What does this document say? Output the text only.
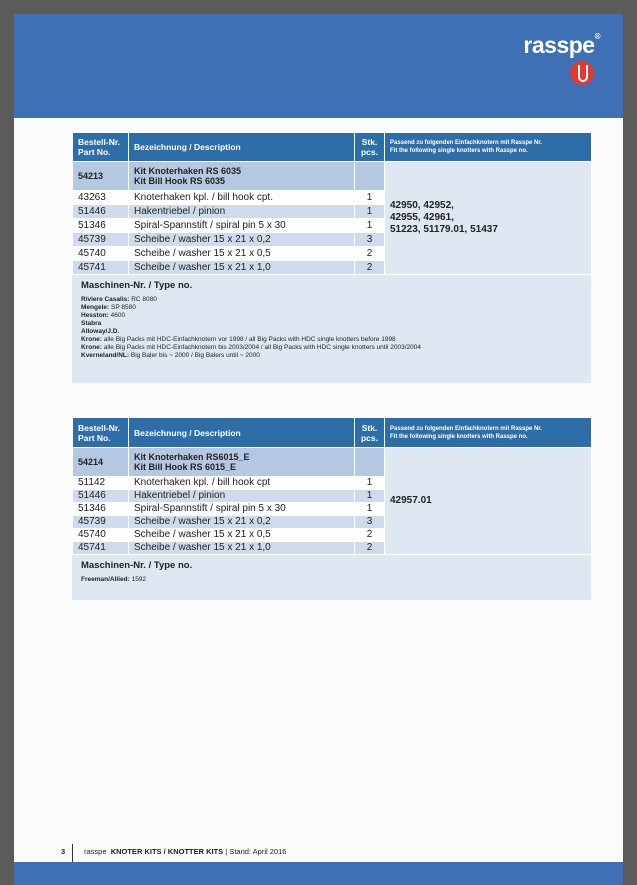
rasspe®
Bestell-Nr.
Part No.	Bezeichnung / Description	Stk.
pcs.	Passend zu folgenden Einfachknotern mit Rasspe Nr.
Fit the following single knotters with Rasspe no.
54213	Kit Knoterhaken RS 6035
Kit Bill Hook RS 6035		42950, 42952,
42955, 42961,
51223, 51179.01, 51437
43263	Knoterhaken kpl. / bill hook cpt.	1	
51446	Hakentriebel / pinion	1	
51346	Spiral-Spannstift / spiral pin 5 x 30	1	
45739	Scheibe / washer 15 x 21 x 0,2	3	
45740	Scheibe / washer 15 x 21 x 0,5	2	
45741	Scheibe / washer 15 x 21 x 1,0	2	
Maschinen-Nr. / Type no.
Riviere Casalis: RC 8080
Mengele: SP 8580
Hesston: 4600
Stabra
Alloway/J.D.
Krone: alle Big Packs mit HDC-Einfachknotern vor 1998 / all Big Packs with HDC single knotters before 1998
Krone: alle Big Packs mit HDC-Einfachknotern bis 2003/2004 / all Big Packs with HDC single knotters until 2003/2004
Kverneland/NL: Big Baler bis ~ 2000 / Big Balers until ~ 2000
Bestell-Nr.
Part No.	Bezeichnung / Description	Stk.
pcs.	Passend zu folgenden Einfachknotern mit Rasspe Nr.
Fit the following single knotters with Rasspe no.
54214	Kit Knoterhaken RS6015_E
Kit Bill Hook RS 6015_E		42957.01
51142	Knoterhaken kpl. / bill hook cpt	1	
51446	Hakentriebel / pinion	1	
51346	Spiral-Spannstift / spiral pin 5 x 30	1	
45739	Scheibe / washer 15 x 21 x 0,2	3	
45740	Scheibe / washer 15 x 21 x 0,5	2	
45741	Scheibe / washer 15 x 21 x 1,0	2	
Maschinen-Nr. / Type no.
Freeman/Allied: 1592
3	rasspe KNOTER KITS / KNOTTER KITS | Stand: April 2016
